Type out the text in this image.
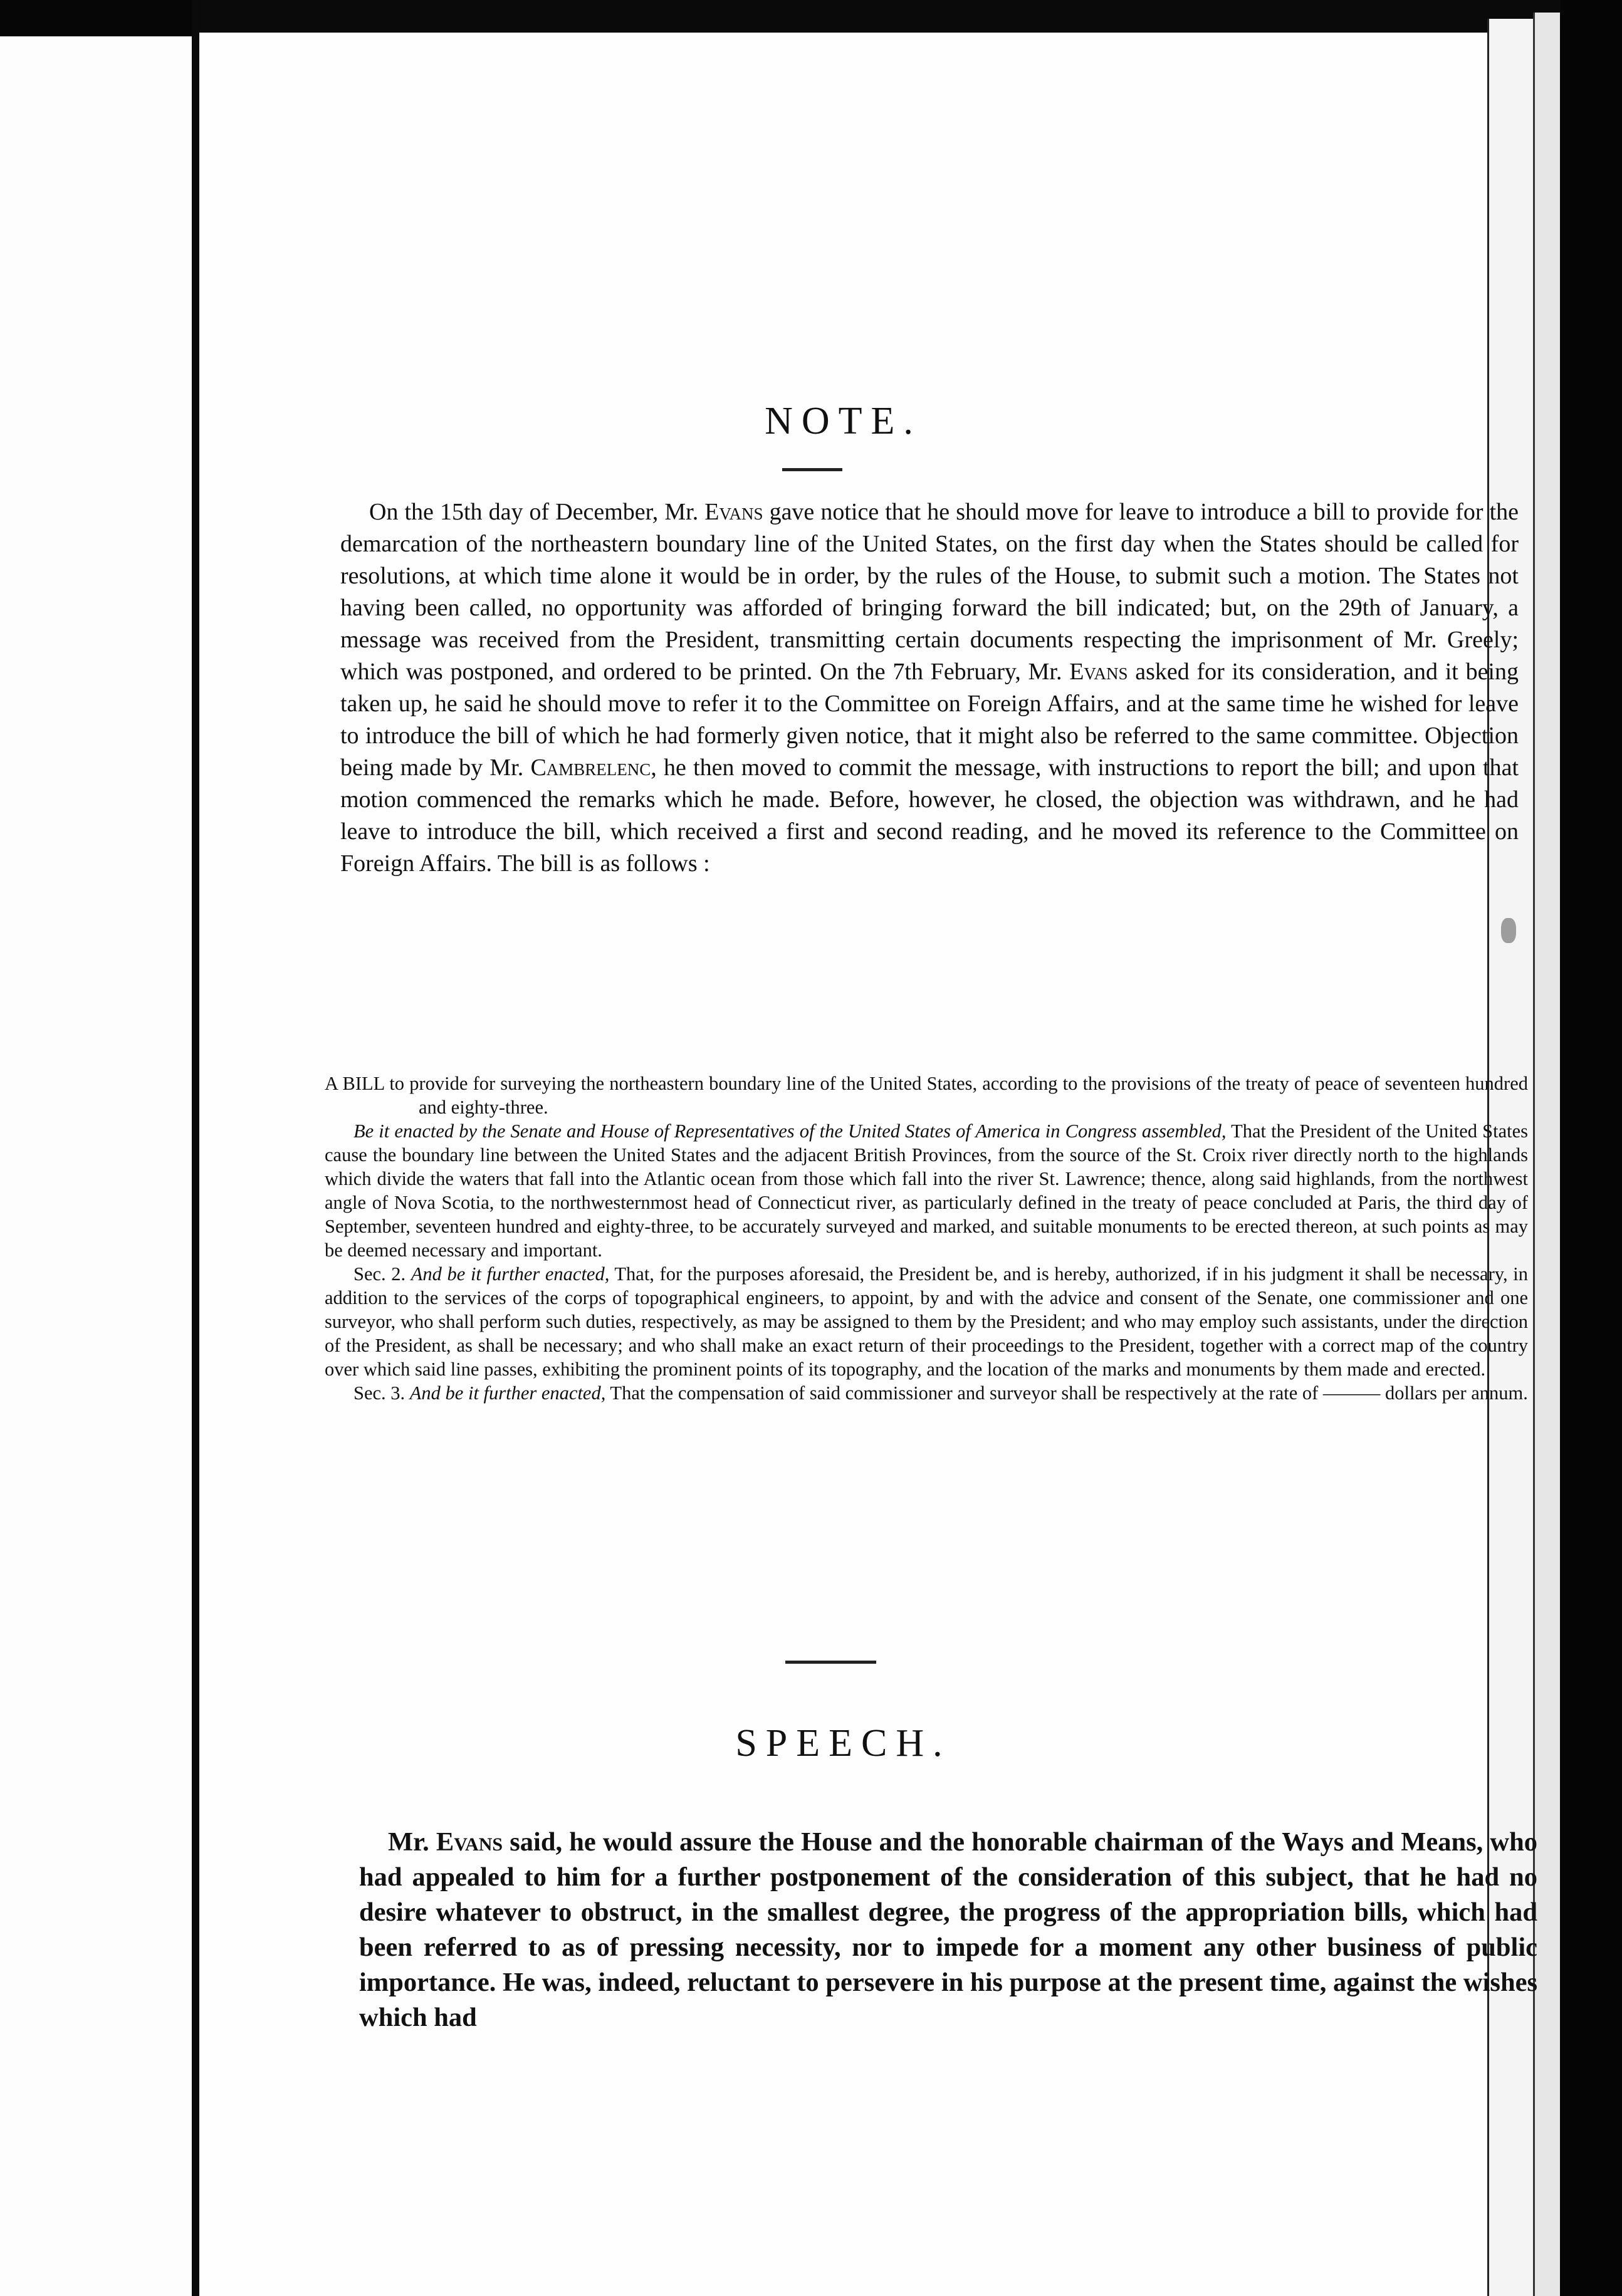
NOTE.

On the 15th day of December, Mr. Evans gave notice that he should move for leave to introduce a bill to provide for the demarcation of the northeastern boundary line of the United States, on the first day when the States should be called for resolutions, at which time alone it would be in order, by the rules of the House, to submit such a motion. The States not having been called, no opportunity was afforded of bringing forward the bill indicated; but, on the 29th of January, a message was received from the President, transmitting certain documents respecting the imprisonment of Mr. Greely; which was postponed, and ordered to be printed. On the 7th February, Mr. Evans asked for its consideration, and it being taken up, he said he should move to refer it to the Committee on Foreign Affairs, and at the same time he wished for leave to introduce the bill of which he had formerly given notice, that it might also be referred to the same committee. Objection being made by Mr. Cambrelenc, he then moved to commit the message, with instructions to report the bill; and upon that motion commenced the remarks which he made. Before, however, he closed, the objection was withdrawn, and he had leave to introduce the bill, which received a first and second reading, and he moved its reference to the Committee on Foreign Affairs. The bill is as follows :

A BILL to provide for surveying the northeastern boundary line of the United States, according to the provisions of the treaty of peace of seventeen hundred and eighty-three.

Be it enacted by the Senate and House of Representatives of the United States of America in Congress assembled, That the President of the United States cause the boundary line between the United States and the adjacent British Provinces, from the source of the St. Croix river directly north to the highlands which divide the waters that fall into the Atlantic ocean from those which fall into the river St. Lawrence; thence, along said highlands, from the northwest angle of Nova Scotia, to the northwesternmost head of Connecticut river, as particularly defined in the treaty of peace concluded at Paris, the third day of September, seventeen hundred and eighty-three, to be accurately surveyed and marked, and suitable monuments to be erected thereon, at such points as may be deemed necessary and important.

Sec. 2. And be it further enacted, That, for the purposes aforesaid, the President be, and is hereby, authorized, if in his judgment it shall be necessary, in addition to the services of the corps of topographical engineers, to appoint, by and with the advice and consent of the Senate, one commissioner and one surveyor, who shall perform such duties, respectively, as may be assigned to them by the President; and who may employ such assistants, under the direction of the President, as shall be necessary; and who shall make an exact return of their proceedings to the President, together with a correct map of the country over which said line passes, exhibiting the prominent points of its topography, and the location of the marks and monuments by them made and erected.

Sec. 3. And be it further enacted, That the compensation of said commissioner and surveyor shall be respectively at the rate of ——— dollars per annum.

SPEECH.

Mr. Evans said, he would assure the House and the honorable chairman of the Ways and Means, who had appealed to him for a further postponement of the consideration of this subject, that he had no desire whatever to obstruct, in the smallest degree, the progress of the appropriation bills, which had been referred to as of pressing necessity, nor to impede for a moment any other business of public importance. He was, indeed, reluctant to persevere in his purpose at the present time, against the wishes which had
